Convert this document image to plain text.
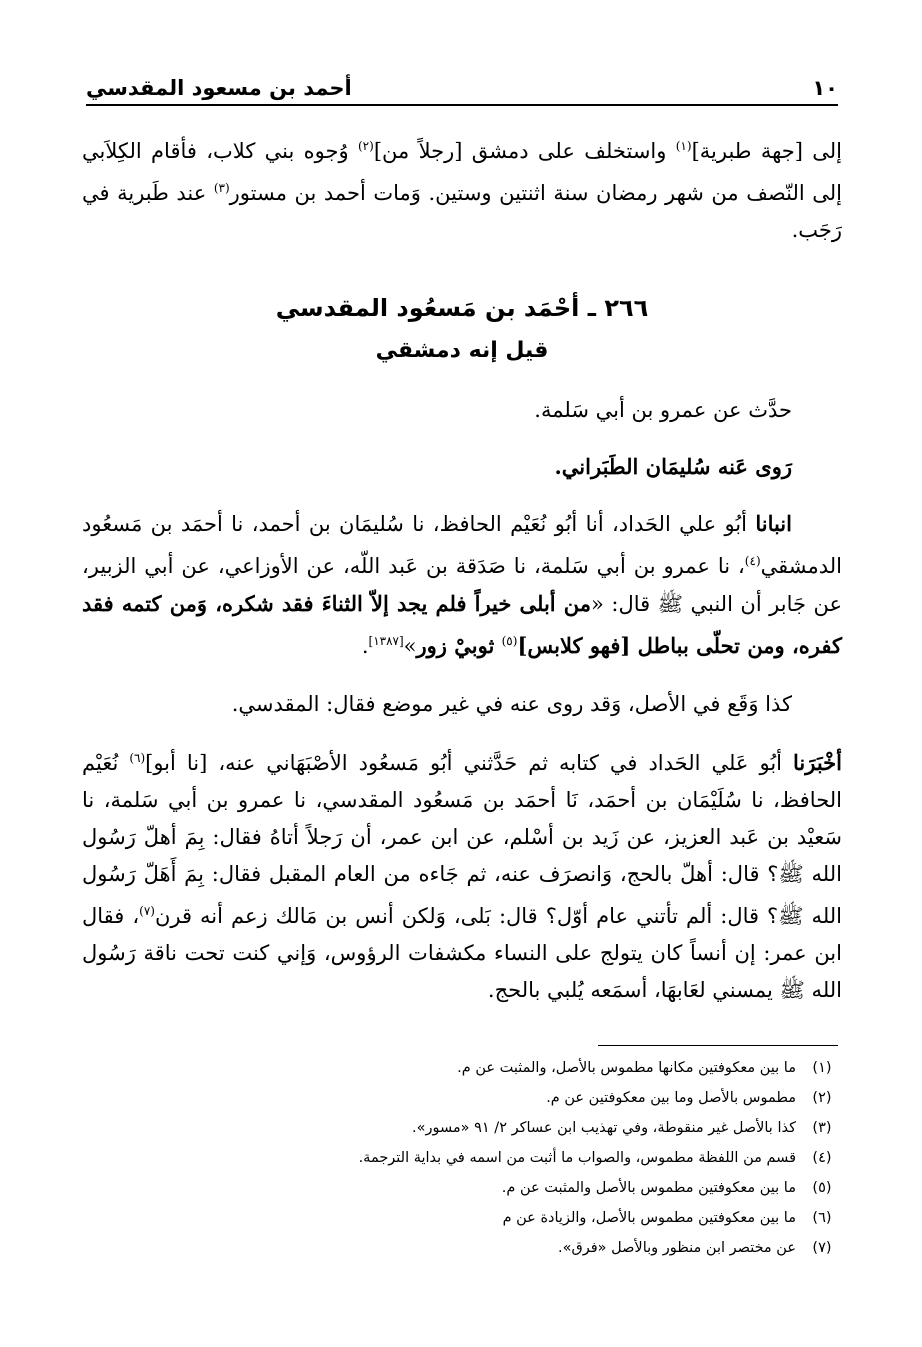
١٠
أحمد بن مسعود المقدسي

إلى [جهة طبرية]$^{(١)}$ واستخلف على دمشق [رجلاً من]$^{(٢)}$ وُجوه بني كلاب، فأقام الكِلاَبي إلى النّصف من شهر رمضان سنة اثنتين وستين. وَمات أحمد بن مستور$^{(٣)}$ عند طَبرية في رَجَب.

٢٦٦ ـ أحْمَد بن مَسعُود المقدسي
قيل إنه دمشقي

حدَّث عن عمرو بن أبي سَلمة.

رَوى عَنه سُليمَان الطَبَراني.

انبانا أبُو علي الحَداد، أنا أبُو نُعَيْم الحافظ، نا سُليمَان بن أحمد، نا أحمَد بن مَسعُود الدمشقي$^{(٤)}$، نا عمرو بن أبي سَلمة، نا صَدَقة بن عَبد اللّه، عن الأوزاعي، عن أبي الزبير، عن جَابر أن النبي ﷺ قال: «من أبلى خيراً فلم يجد إلاّ الثناءَ فقد شكره، وَمن كتمه فقد كفره، ومن تحلّى بباطل [فهو كلابس]$^{(٥)}$ ثوبيْ زور»[١٣٨٧].

كذا وَقَع في الأصل، وَقد روى عنه في غير موضع فقال: المقدسي.

أخْبَرَنا أبُو عَلي الحَداد في كتابه ثم حَدَّثني أبُو مَسعُود الأصْبَهَاني عنه، [نا أبو]$^{(٦)}$ نُعَيْم الحافظ، نا سُلَيْمَان بن أحمَد، نَا أحمَد بن مَسعُود المقدسي، نا عمرو بن أبي سَلمة، نا سَعيْد بن عَبد العزيز، عن زَيد بن أسْلم، عن ابن عمر، أن رَجلاً أتاهُ فقال: بِمَ أهلّ رَسُول الله ﷺ؟ قال: أهلّ بالحج، وَانصرَف عنه، ثم جَاءه من العام المقبل فقال: بِمَ أَهَلّ رَسُول الله ﷺ؟ قال: ألم تأتني عام أوّل؟ قال: بَلى، وَلكن أنس بن مَالك زعم أنه قرن$^{(٧)}$، فقال ابن عمر: إن أنساً كان يتولج على النساء مكشفات الرؤوس، وَإني كنت تحت ناقة رَسُول الله ﷺ يمسني لعَابهَا، أسمَعه يُلبي بالحج.

(١)
ما بين معكوفتين مكانها مطموس بالأصل، والمثبت عن م.
(٢)
مطموس بالأصل وما بين معكوفتين عن م.
(٣)
كذا بالأصل غير منقوطة، وفي تهذيب ابن عساكر ٢/ ٩١ «مسور».
(٤)
قسم من اللفظة مطموس، والصواب ما أثبت من اسمه في بداية الترجمة.
(٥)
ما بين معكوفتين مطموس بالأصل والمثبت عن م.
(٦)
ما بين معكوفتين مطموس بالأصل، والزيادة عن م
(٧)
عن مختصر ابن منظور وبالأصل «فرق».
